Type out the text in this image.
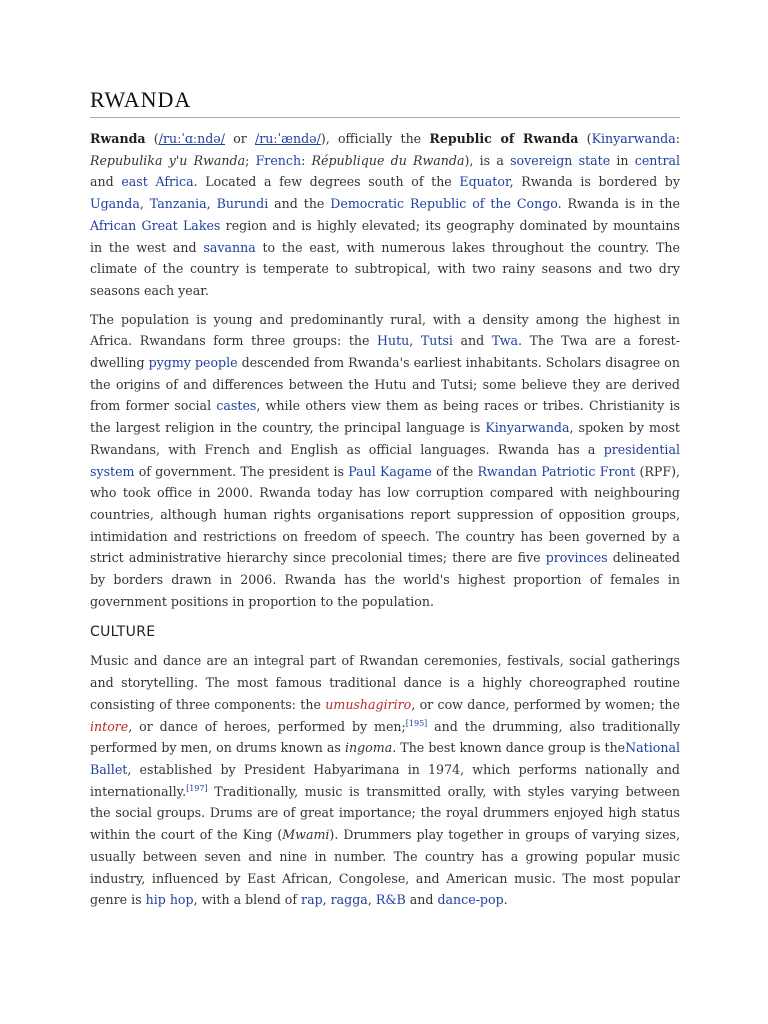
RWANDA

Rwanda (/ruːˈɑːndə/ or /ruːˈændə/), officially the Republic of Rwanda (Kinyarwanda: Repubulika y'u Rwanda; French: République du Rwanda), is a sovereign state in central and east Africa. Located a few degrees south of the Equator, Rwanda is bordered by Uganda, Tanzania, Burundi and the Democratic Republic of the Congo. Rwanda is in the African Great Lakes region and is highly elevated; its geography dominated by mountains in the west and savanna to the east, with numerous lakes throughout the country. The climate of the country is temperate to subtropical, with two rainy seasons and two dry seasons each year.

The population is young and predominantly rural, with a density among the highest in Africa. Rwandans form three groups: the Hutu, Tutsi and Twa. The Twa are a forest-dwelling pygmy people descended from Rwanda's earliest inhabitants. Scholars disagree on the origins of and differences between the Hutu and Tutsi; some believe they are derived from former social castes, while others view them as being races or tribes. Christianity is the largest religion in the country, the principal language is Kinyarwanda, spoken by most Rwandans, with French and English as official languages. Rwanda has a presidential system of government. The president is Paul Kagame of the Rwandan Patriotic Front (RPF), who took office in 2000. Rwanda today has low corruption compared with neighbouring countries, although human rights organisations report suppression of opposition groups, intimidation and restrictions on freedom of speech. The country has been governed by a strict administrative hierarchy since precolonial times; there are five provinces delineated by borders drawn in 2006. Rwanda has the world's highest proportion of females in government positions in proportion to the population.

CULTURE

Music and dance are an integral part of Rwandan ceremonies, festivals, social gatherings and storytelling. The most famous traditional dance is a highly choreographed routine consisting of three components: the umushagiriro, or cow dance, performed by women; the intore, or dance of heroes, performed by men;[195] and the drumming, also traditionally performed by men, on drums known as ingoma. The best known dance group is theNational Ballet, established by President Habyarimana in 1974, which performs nationally and internationally.[197] Traditionally, music is transmitted orally, with styles varying between the social groups. Drums are of great importance; the royal drummers enjoyed high status within the court of the King (Mwami). Drummers play together in groups of varying sizes, usually between seven and nine in number. The country has a growing popular music industry, influenced by East African, Congolese, and American music. The most popular genre is hip hop, with a blend of rap, ragga, R&B and dance-pop.
